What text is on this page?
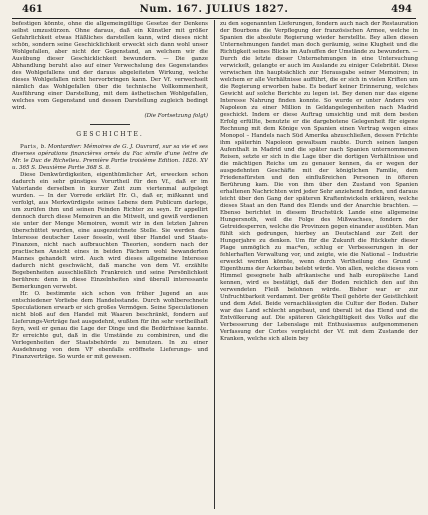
461	Num. 167. JULIUS 1827.	494

befestigen könnte, ohne die allgemeingültige Gesetze der Denkens selbst umzustürzen. Ohne daraus, daß ein Künstler mit größer Gefahrlichkeit etwas Häßliches darstellen kann, wird dieses nicht schön, sondern seine Geschicklichkeit erweckt sich dann wohl unser Wohlgefallen, aber nicht der Gegenstand, an welchem wir die Ausübung dieser Geschicklichkeit bewundern. — Die ganze Abhandlung beruht also auf einer Verwechslung des Gegenstandes des Wohlgefallens und der daraus abgeleiteten Wirkung, welche dieses Wohlgefallen nicht hervorbringen kann. Der Vf. verwechselt nämlich das Wohlgefallen über die technische Vollkommenheit, Ausführung einer Darstellung, mit dem ästhetischen Wohlgefallen, welches vom Gegenstand und dessen Darstellung zugleich bedingt wird.

(Die Fortsetzung folgt)
GESCHICHTE.

Paris, b. Montardier: Mémoires de G. J. Ouvrard, sur sa vie et ses diverses opérations financières ornés du Fac simile d'une lettre de Mr. le Duc de Richelieu. Première Partie troisième Edition. 1826. XV u. 365 S. Deuxième Partie 368 S. 8.

Diese Denkwürdigkeiten, eigenthümlicher Art, erwecken schon dadurch ein sehr günstiges Vorurtheil für den Vf., daß er im Vaterlande derselben in kurzer Zeit zum viertenmal aufgelegt wurden. — In der Vorrede erklärt Hr. O., daß er, mißkannt und verfolgt, aus Merkwürdigste seines Lebens dem Publicum darlege, um zurüfen ihm und seinen Feinden Richter zu seyn. Er appellirt dennoch durch diese Memoiren an die Mitwelt, und gewiß verdienen sie unter der Menge Memoiren, womit wir in den letzten Jahren überschüttet wurden, eine ausgezeichnete Stelle. Sie werden das Interesse deutscher Leser fesseln, weil über Handel und Staats-Finanzen, nicht nach aufbrauchten Theorien, sondern nach der practischen Ansicht eines in beiden Fächern wohl bewanderten Mannes gehandelt wird. Auch wird dieses allgemeine Interesse dadurch nicht geschwächt, daß manche von dem Vf. erzählte Begebenheiten ausschließlich Frankreich und seine Persönlichkeit berühren: denn in diese Einzelnheiten sind überall interessante Bemerkungen verwebt.

Hr. O. bestimmte sich schon von früher Jugend an aus entschiedener Vorliebe dem Handelsstande. Durch wohlberechnete Speculationen erwarb er sich großes Vermögen. Seine Speculationen nicht bloß auf den Handel mit Waaren beschränkt, fondern auf Lieferungs-Verträge fast ausgedehnt, wußten für ihn sehr vortheilhaft feyn, weil er genau die Lage der Dinge und die Bedürfnisse kannte. Er erreichte gut, daß in die Umstände zu combiniren, und die Verlegenheiten der Staatsbehörde zu benutzen. In zu einer Ausdehnung von dem VF ebenfalls eröffnete Lieferungs- und Finanzverträge. So wurde er mit gewesen.

zu den sogenannten Lieferungen, fondern auch nach der Restauration der Bourbons die Verpflegung der französischen Armee, welche in Spanien die absolute Regierung wieder herstellte. Bey allen diesen Unternehmungen fandet man doch geräumig, seine Klugheit und die Richtigkeit seines Blicks im Aufsuffen der Umstände zu bewundern. — Durch die letzte dieser Unternehmungen in eine Untersuchung verwickelt, gelangte er auch im Auslande zu einiger Celebrität. Diese verwischen ihn hauptsächlich zur Herausgabe seiner Memoiren; in welchem er alle Verhältnisse aufführt, die er sich in vielen Kriften um die Regierung erworben habe. Es bedarf keiner Erinnerung, welches Gewicht auf solche Berichte zu legen ist. Bey denen nur das eigene Interesse Nahrung finden konnte. So wurde er unter Anders von Napoleon zu einer Million in Geldangelegenheiten nach Madrid geschickt. Indem er diese Auftrag umsichtig und mit dem besten Erfolg erfüllte, benutzte er die dargebotene Gelegenheit für eigene Rechnung mit dem Könige von Spanien einen Vertrag wegen eines Monopol – Handels nach Süd Amerika abzuschließen, dessen Früchte ihm späterhin Napoleon gewaltsam raubte. Durch seinen langen Aufenthalt in Madrid und die später nach Spanien unternommenen Reisen, setzte er sich in die Lage über die dortigen Verhältnisse und die mächtigen Reichs um zu genauer kennen, da er wegen der ausgedehnten Geschäfte mit der königlichen Familie, dem Friedensfürsten und den einflußreichen Personen in öfteren Berührung kam. Die von ihm über den Zustand von Spanien erhaltenen Nachrichten wird jeder Sehr anziehend finden, und daraus leicht über den Gang der späteren Kraftentwickeln erklären, welche dieses Staat an den Rand des Elends und der Anarchie brachten. — Ebenso berichtet in diesem Bruchstück Lande eine allgemeine Hungersnoth, weil die Folge des Mißwachses, fondern der Getreidesperren, welche die Provinzen gegen einander ausübten. Man fühlt sich gedrungen, hierbey an Deutschland zur Zeit der Hungerjahre zu denken. Um für die Zukunft die Rückkehr dieser Plage unmöglich zu mac*en, schlug er Verbesserungen in der fehlerhaften Verwaltung vor, und zeigte, wie die National – Industrie erweckt werden könnte, wenn durch Vertheilung des Grund – Eigenthums der Ackerbau belebt würde. Von allen, welche dieses vom Himmel gesegnete halb afrikanische und halb europäische Land kennen, wird es bestätigt, daß der Boden reichlich den auf ihn verwendeten Fleiß belohnen würde. Bisher war er zur Unfruchtbarkeit verdammt. Der größte Theil gehörte der Geistlichkeit und dem Adel. Beide vernachlässigten die Cultur der Boden. Daher war das Land schlecht angebaut, und überall ist das Elend und die Entvölkerung auf. Die späteren Gleichgültigkeit des Volks auf die Verbesserung der Lebenslage mit Enthusiasmus aufgenommenen Verfassung der Cortes vergleicht der Vf. mit dem Zustande der Kranken, welche sich allein bey
